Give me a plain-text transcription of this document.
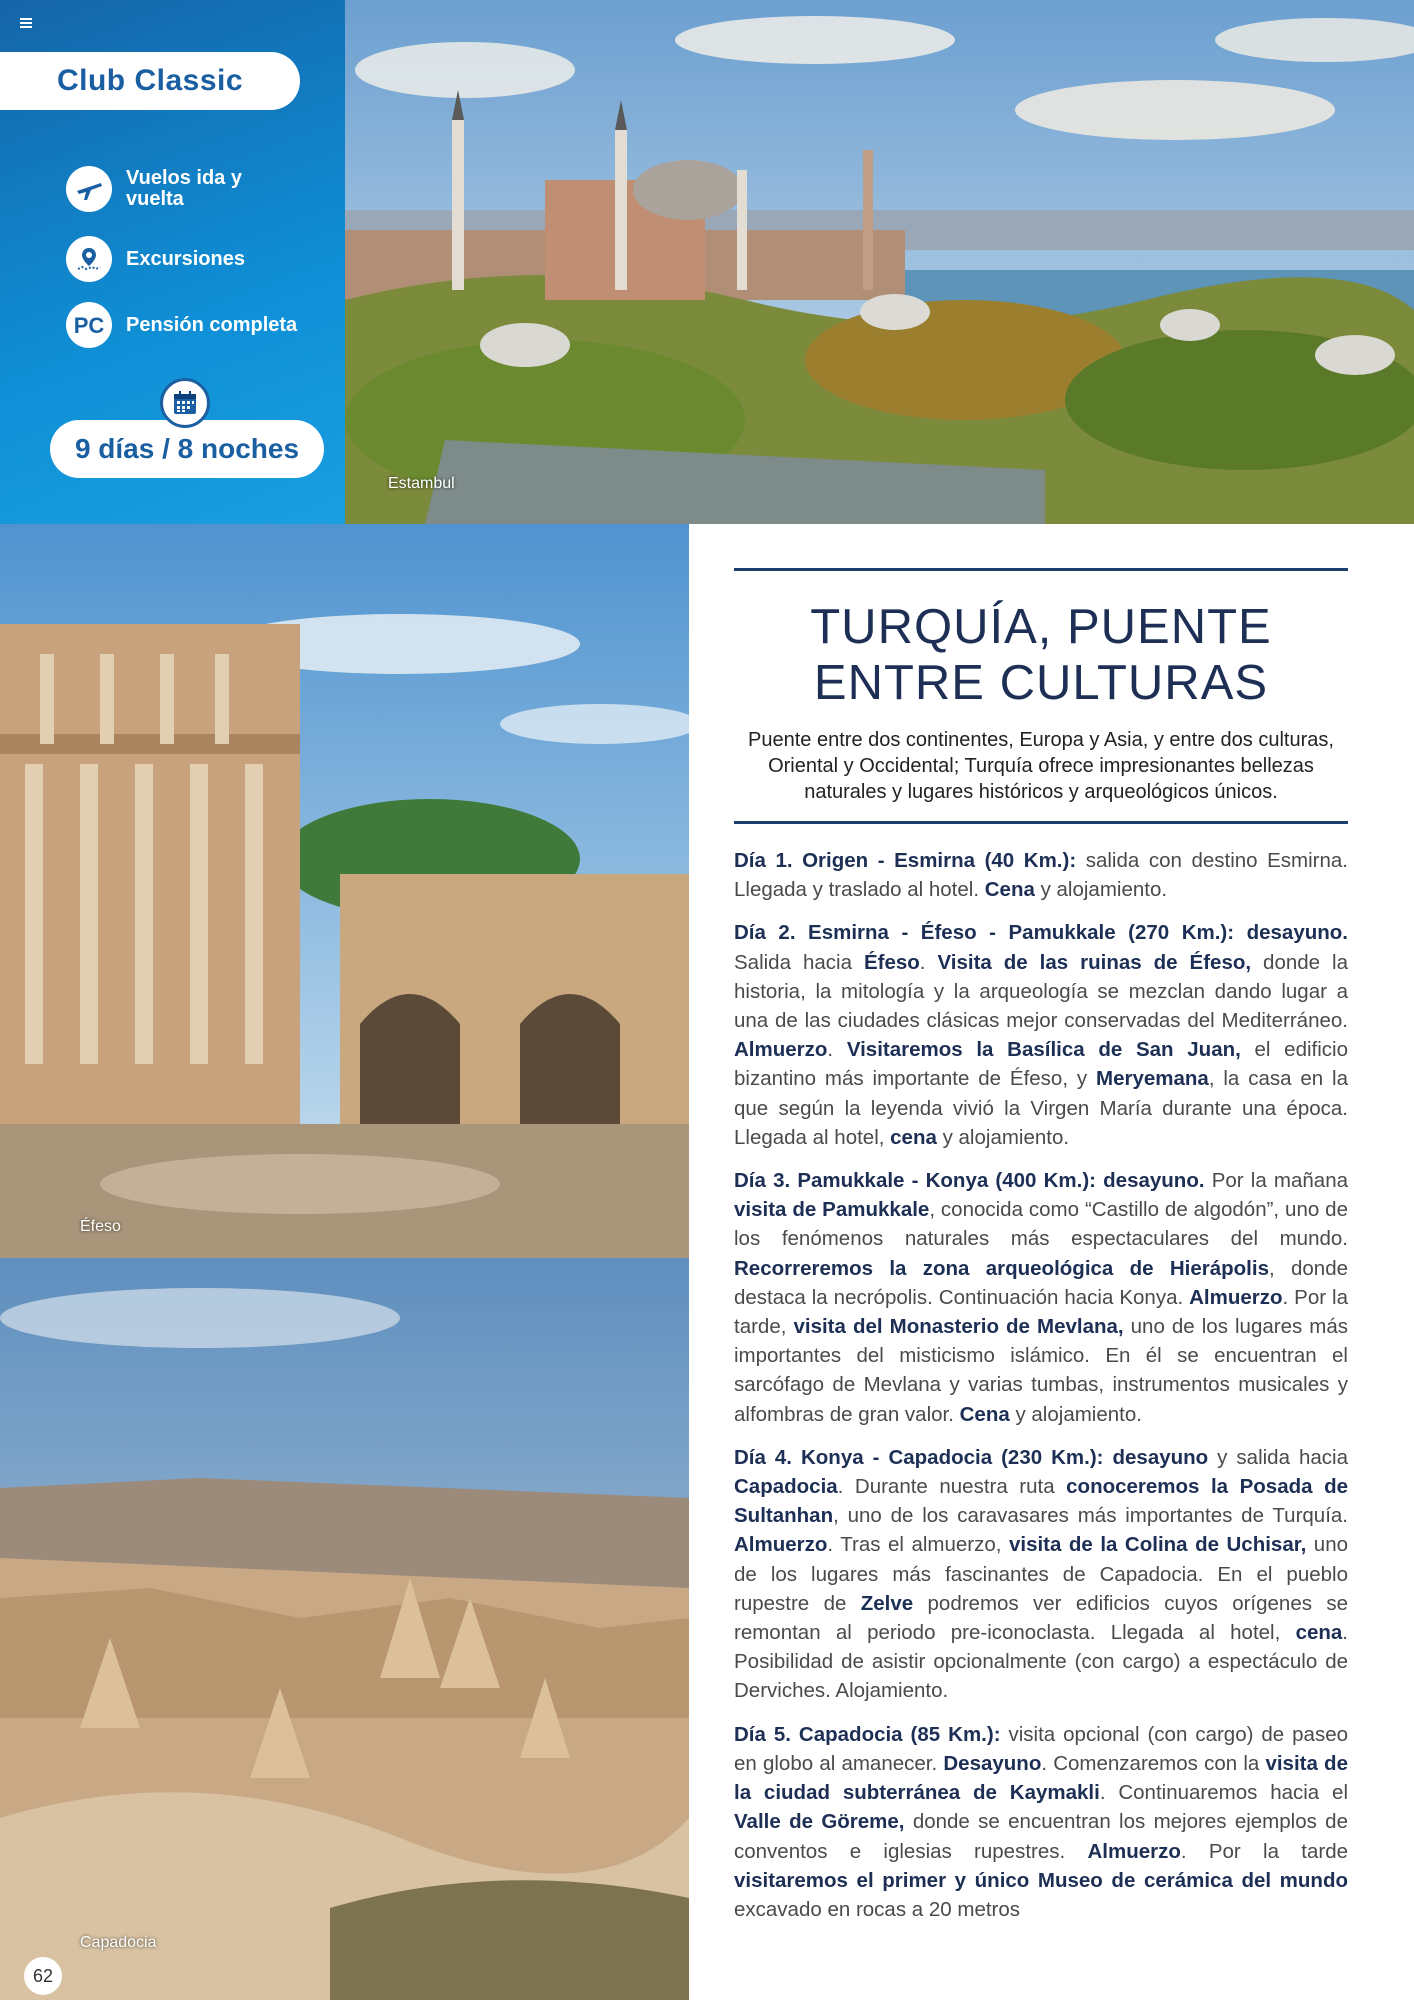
Club Classic
Vuelos ida y vuelta
Excursiones
PC	Pensión completa
9 días / 8 noches
Estambul
Éfeso
Capadocia
62
TURQUÍA, PUENTE ENTRE CULTURAS
Puente entre dos continentes, Europa y Asia, y entre dos culturas, Oriental y Occidental; Turquía ofrece impresionantes bellezas naturales y lugares históricos y arqueológicos únicos.
Día 1. Origen - Esmirna (40 Km.): salida con destino Esmirna. Llegada y traslado al hotel. Cena y alojamiento.
Día 2. Esmirna - Éfeso - Pamukkale (270 Km.): desayuno. Salida hacia Éfeso. Visita de las ruinas de Éfeso, donde la historia, la mitología y la arqueología se mezclan dando lugar a una de las ciudades clásicas mejor conservadas del Mediterráneo. Almuerzo. Visitaremos la Basílica de San Juan, el edificio bizantino más importante de Éfeso, y Meryemana, la casa en la que según la leyenda vivió la Virgen María durante una época. Llegada al hotel, cena y alojamiento.
Día 3. Pamukkale - Konya (400 Km.): desayuno. Por la mañana visita de Pamukkale, conocida como “Castillo de algodón”, uno de los fenómenos naturales más espectaculares del mundo. Recorreremos la zona arqueológica de Hierápolis, donde destaca la necrópolis. Continuación hacia Konya. Almuerzo. Por la tarde, visita del Monasterio de Mevlana, uno de los lugares más importantes del misticismo islámico. En él se encuentran el sarcófago de Mevlana y varias tumbas, instrumentos musicales y alfombras de gran valor. Cena y alojamiento.
Día 4. Konya - Capadocia (230 Km.): desayuno y salida hacia Capadocia. Durante nuestra ruta conoceremos la Posada de Sultanhan, uno de los caravasares más importantes de Turquía. Almuerzo. Tras el almuerzo, visita de la Colina de Uchisar, uno de los lugares más fascinantes de Capadocia. En el pueblo rupestre de Zelve podremos ver edificios cuyos orígenes se remontan al periodo pre-iconoclasta. Llegada al hotel, cena. Posibilidad de asistir opcionalmente (con cargo) a espectáculo de Derviches. Alojamiento.
Día 5. Capadocia (85 Km.): visita opcional (con cargo) de paseo en globo al amanecer. Desayuno. Comenzaremos con la visita de la ciudad subterránea de Kaymakli. Continuaremos hacia el Valle de Göreme, donde se encuentran los mejores ejemplos de conventos e iglesias rupestres. Almuerzo. Por la tarde visitaremos el primer y único Museo de cerámica del mundo excavado en rocas a 20 metros
